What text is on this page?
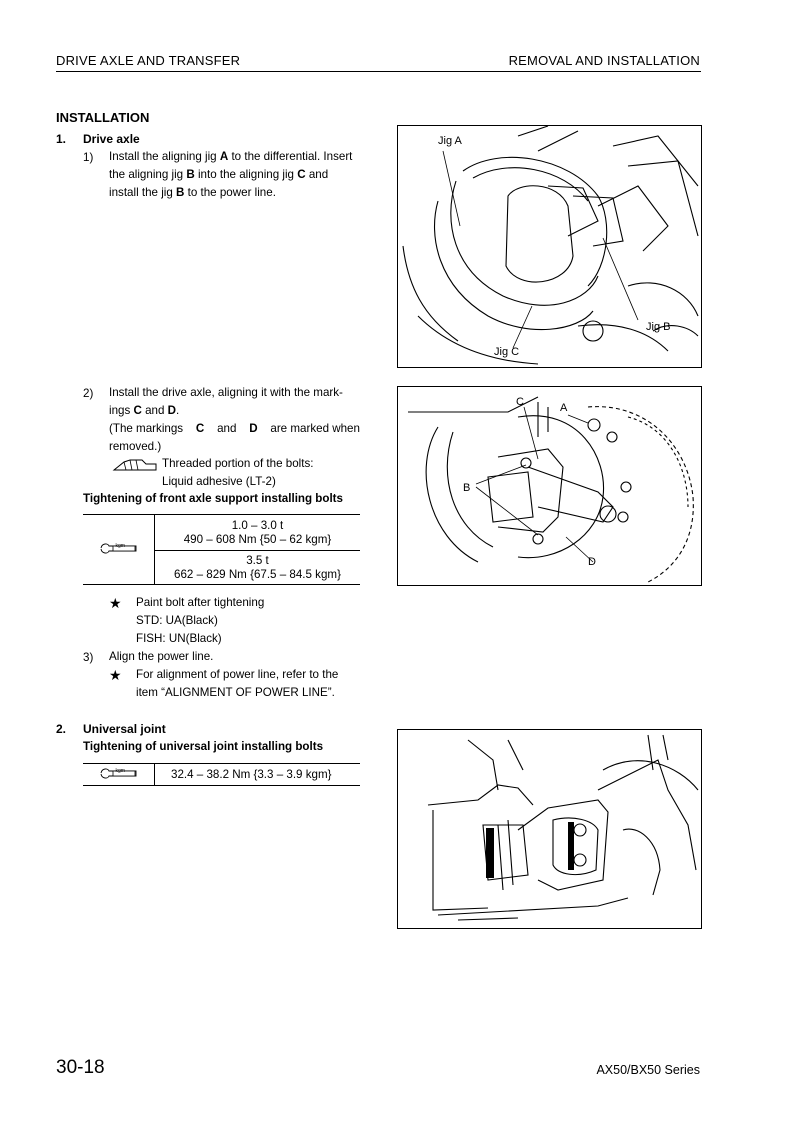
DRIVE AXLE AND TRANSFER	REMOVAL AND INSTALLATION
INSTALLATION
1. Drive axle
1) Install the aligning jig A to the differential. Insert
the aligning jig B into the aligning jig C and
install the jig B to the power line.
Jig A
Jig B
Jig C
2) Install the drive axle, aligning it with the mark-
ings C and D.
(The markings C and D are marked when
removed.)
Threaded portion of the bolts:
Liquid adhesive (LT-2)
Tightening of front axle support installing bolts
kgm

1.0 – 3.0 t
490 – 608 Nm {50 – 62 kgm}

3.5 t
662 – 829 Nm {67.5 – 84.5 kgm}
C	A
B
D
★ Paint bolt after tightening
STD: UA(Black)
FISH: UN(Black)
3) Align the power line.
★ For alignment of power line, refer to the
item “ALIGNMENT OF POWER LINE”.
2. Universal joint
Tightening of universal joint installing bolts
kgm	32.4 – 38.2 Nm {3.3 – 3.9 kgm}
30-18	AX50/BX50 Series
